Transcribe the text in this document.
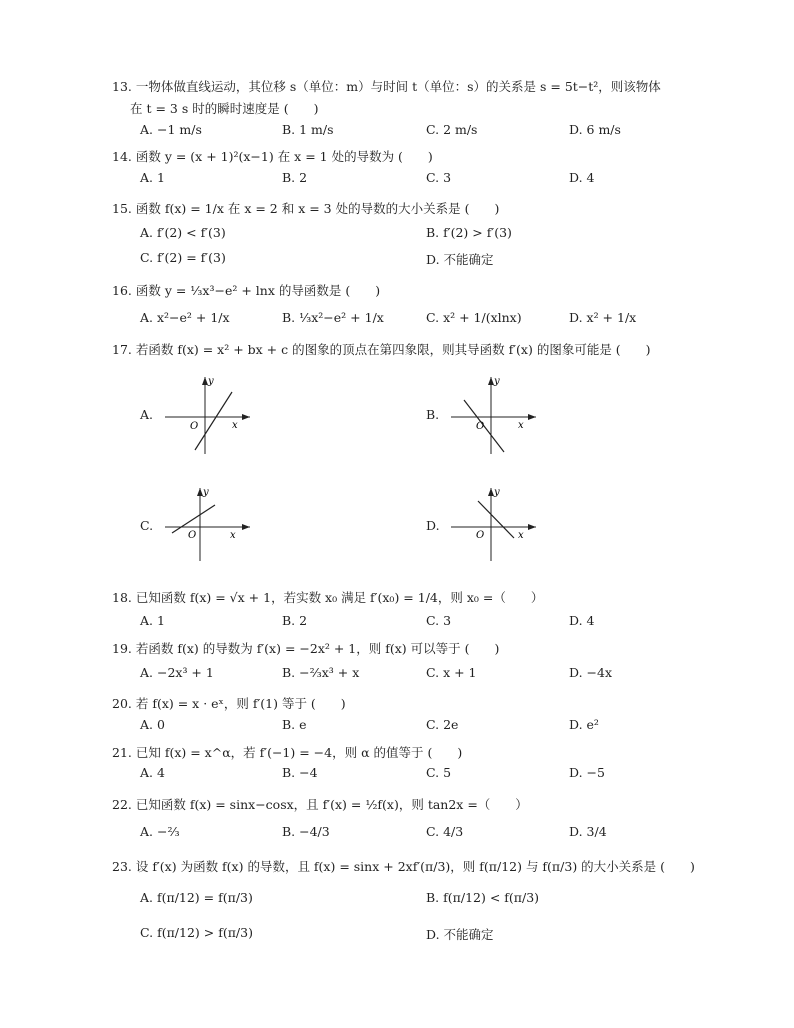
13. 一物体做直线运动，其位移 s（单位：m）与时间 t（单位：s）的关系是 s = 5t−t²，则该物体
在 t = 3 s 时的瞬时速度是 (　　)
A. −1 m/s	B. 1 m/s	C. 2 m/s	D. 6 m/s
14. 函数 y = (x + 1)²(x−1) 在 x = 1 处的导数为 (　　)
A. 1	B. 2	C. 3	D. 4
15. 函数 f(x) = 1/x 在 x = 2 和 x = 3 处的导数的大小关系是 (　　)
A. f′(2) < f′(3)	B. f′(2) > f′(3)
C. f′(2) = f′(3)	D. 不能确定
16. 函数 y = ⅓x³−e² + lnx 的导函数是 (　　)
A. x²−e² + 1/x	B. ⅓x²−e² + 1/x	C. x² + 1/(xlnx)	D. x² + 1/x
17. 若函数 f(x) = x² + bx + c 的图象的顶点在第四象限，则其导函数 f′(x) 的图象可能是 (　　)
A.
y
x
O
B.
y
x
O
C.
y
x
O
D.
y
x
O
18. 已知函数 f(x) = √x + 1，若实数 x₀ 满足 f′(x₀) = 1/4，则 x₀ =（　　）
A. 1	B. 2	C. 3	D. 4
19. 若函数 f(x) 的导数为 f′(x) = −2x² + 1，则 f(x) 可以等于 (　　)
A. −2x³ + 1	B. −⅔x³ + x	C. x + 1	D. −4x
20. 若 f(x) = x · eˣ，则 f′(1) 等于 (　　)
A. 0	B. e	C. 2e	D. e²
21. 已知 f(x) = x^α，若 f′(−1) = −4，则 α 的值等于 (　　)
A. 4	B. −4	C. 5	D. −5
22. 已知函数 f(x) = sinx−cosx，且 f′(x) = ½f(x)，则 tan2x =（　　）
A. −⅔	B. −4/3	C. 4/3	D. 3/4
23. 设 f′(x) 为函数 f(x) 的导数，且 f(x) = sinx + 2xf′(π/3)，则 f(π/12) 与 f(π/3) 的大小关系是 (　　)
A. f(π/12) = f(π/3)	B. f(π/12) < f(π/3)
C. f(π/12) > f(π/3)	D. 不能确定
